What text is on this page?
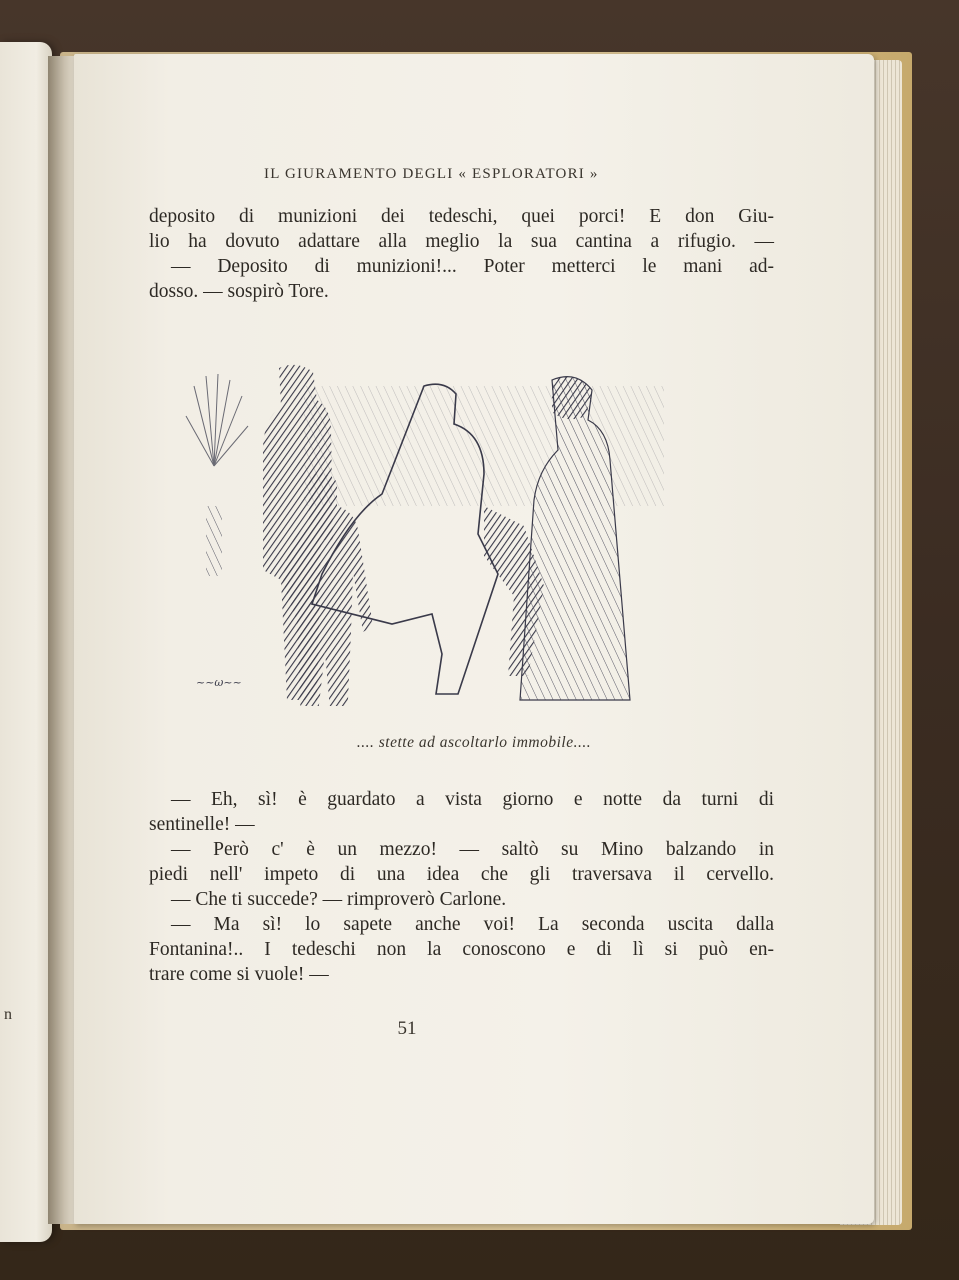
n
IL GIURAMENTO DEGLI « ESPLORATORI »
deposito di munizioni dei tedeschi, quei porci! E don Giu-
lio ha dovuto adattare alla meglio la sua cantina a rifugio. —
— Deposito di munizioni!... Poter metterci le mani ad-
dosso. — sospirò Tore.
~~ω~~
.... stette ad ascoltarlo immobile....
— Eh, sì! è guardato a vista giorno e notte da turni di
sentinelle! —
— Però c' è un mezzo! — saltò su Mino balzando in
piedi nell' impeto di una idea che gli traversava il cervello.
— Che ti succede? — rimproverò Carlone.
— Ma sì! lo sapete anche voi! La seconda uscita dalla
Fontanina!.. I tedeschi non la conoscono e di lì si può en-
trare come si vuole! —
51
